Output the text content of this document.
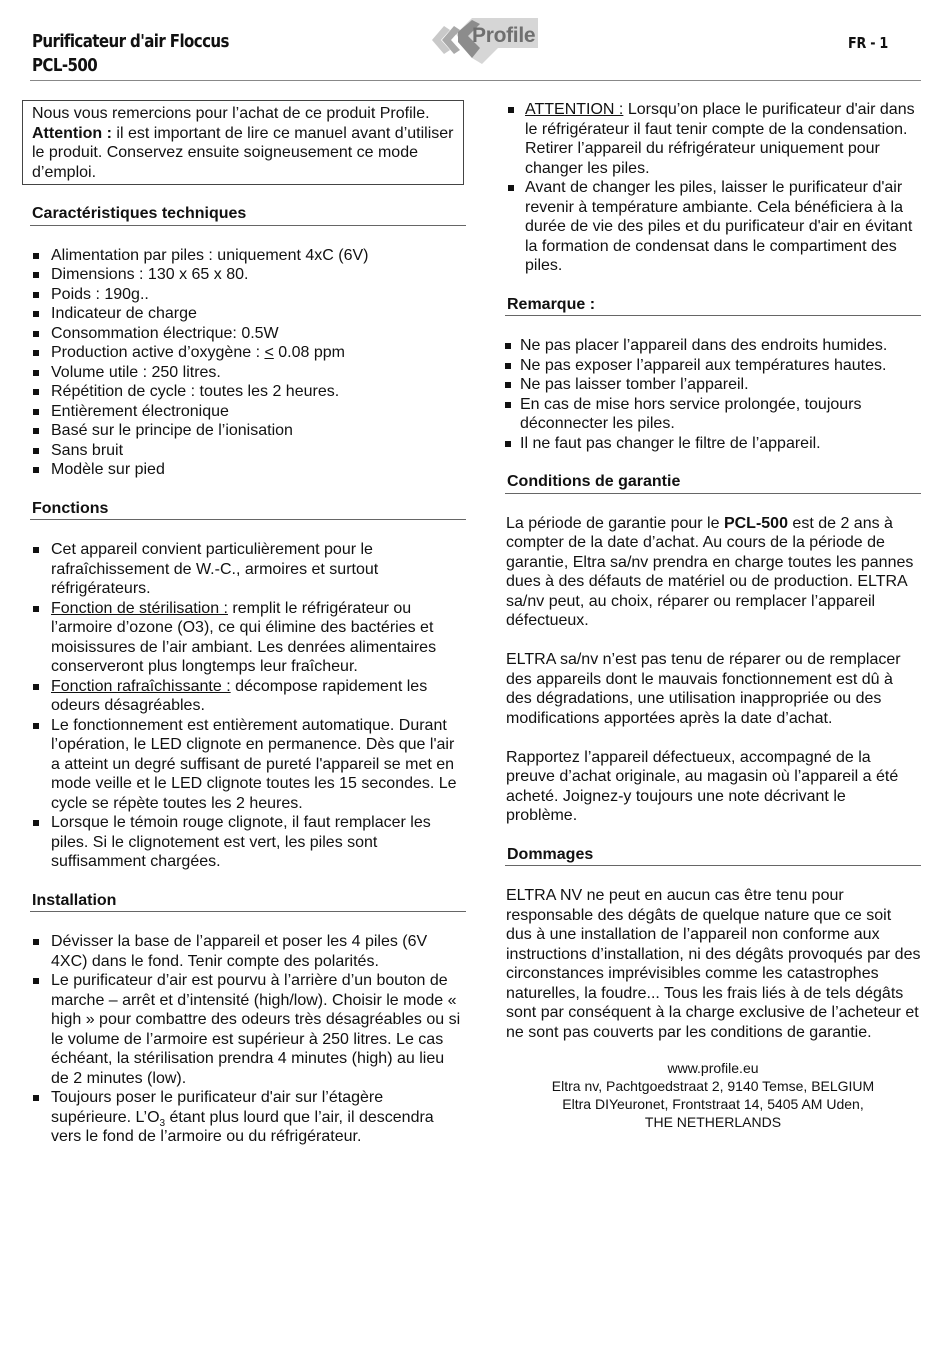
Purificateur d'air Floccus
PCL-500
Profile	FR - 1
Nous vous remercions pour l’achat de ce produit Profile.
Attention : il est important de lire ce manuel avant d’utiliser le produit. Conservez ensuite soigneusement ce mode d’emploi.
Caractéristiques techniques
Alimentation par piles : uniquement 4xC (6V)
Dimensions : 130 x 65 x 80.
Poids : 190g..
Indicateur de charge
Consommation électrique: 0.5W
Production active d’oxygène : < 0.08 ppm
Volume utile : 250 litres.
Répétition de cycle : toutes les 2 heures.
Entièrement électronique
Basé sur le principe de l’ionisation
Sans bruit
Modèle sur pied
Fonctions
Cet appareil convient particulièrement pour le rafraîchissement de W.-C., armoires et surtout réfrigérateurs.
Fonction de stérilisation : remplit le réfrigérateur ou l’armoire d’ozone (O3), ce qui élimine des bactéries et moisissures de l’air ambiant. Les denrées alimentaires conserveront plus longtemps leur fraîcheur.
Fonction rafraîchissante : décompose rapidement les odeurs désagréables.
Le fonctionnement est entièrement automatique. Durant l’opération, le LED clignote en permanence. Dès que l'air a atteint un degré suffisant de pureté l'appareil se met en mode veille et le LED clignote toutes les 15 secondes. Le cycle se répète toutes les 2 heures.
Lorsque le témoin rouge clignote, il faut remplacer les piles. Si le clignotement est vert, les piles sont suffisamment chargées.
Installation
Dévisser la base de l’appareil et poser les 4 piles (6V 4XC) dans le fond. Tenir compte des polarités.
Le purificateur d’air est pourvu à l’arrière d’un bouton de marche – arrêt et d’intensité (high/low). Choisir le mode « high » pour combattre des odeurs très désagréables ou si le volume de l’armoire est supérieur à 250 litres. Le cas échéant, la stérilisation prendra 4 minutes (high) au lieu de 2 minutes (low).
Toujours poser le purificateur d'air sur l’étagère supérieure. $L’O_3$ étant plus lourd que l’air, il descendra vers le fond de l’armoire ou du réfrigérateur.
ATTENTION : Lorsqu’on place le purificateur d'air dans le réfrigérateur il faut tenir compte de la condensation. Retirer l’appareil du réfrigérateur uniquement pour changer les piles.
Avant de changer les piles, laisser le purificateur d'air revenir à température ambiante. Cela bénéficiera à la durée de vie des piles et du purificateur d'air en évitant la formation de condensat dans le compartiment des piles.
Remarque :
Ne pas placer l’appareil dans des endroits humides.
Ne pas exposer l’appareil aux températures hautes.
Ne pas laisser tomber l’appareil.
En cas de mise hors service prolongée, toujours déconnecter les piles.
Il ne faut pas changer le filtre de l’appareil.
Conditions de garantie

La période de garantie pour le PCL-500 est de 2 ans à compter de la date d’achat. Au cours de la période de garantie, Eltra sa/nv prendra en charge toutes les pannes dues à des défauts de matériel ou de production. ELTRA sa/nv peut, au choix, réparer ou remplacer l’appareil défectueux.

ELTRA sa/nv n’est pas tenu de réparer ou de remplacer des appareils dont le mauvais fonctionnement est dû à des dégradations, une utilisation inappropriée ou des modifications apportées après la date d’achat.

Rapportez l’appareil défectueux, accompagné de la preuve d’achat originale, au magasin où l’appareil a été acheté. Joignez-y toujours une note décrivant le problème.

Dommages

ELTRA NV ne peut en aucun cas être tenu pour responsable des dégâts de quelque nature que ce soit dus à une installation de l’appareil non conforme aux instructions d’installation, ni des dégâts provoqués par des circonstances imprévisibles comme les catastrophes naturelles, la foudre... Tous les frais liés à de tels dégâts sont par conséquent à la charge exclusive de l’acheteur et ne sont pas couverts par les conditions de garantie.

www.profile.eu
Eltra nv, Pachtgoedstraat 2, 9140 Temse, BELGIUM
Eltra DIYeuronet, Frontstraat 14, 5405 AM Uden,
THE NETHERLANDS
